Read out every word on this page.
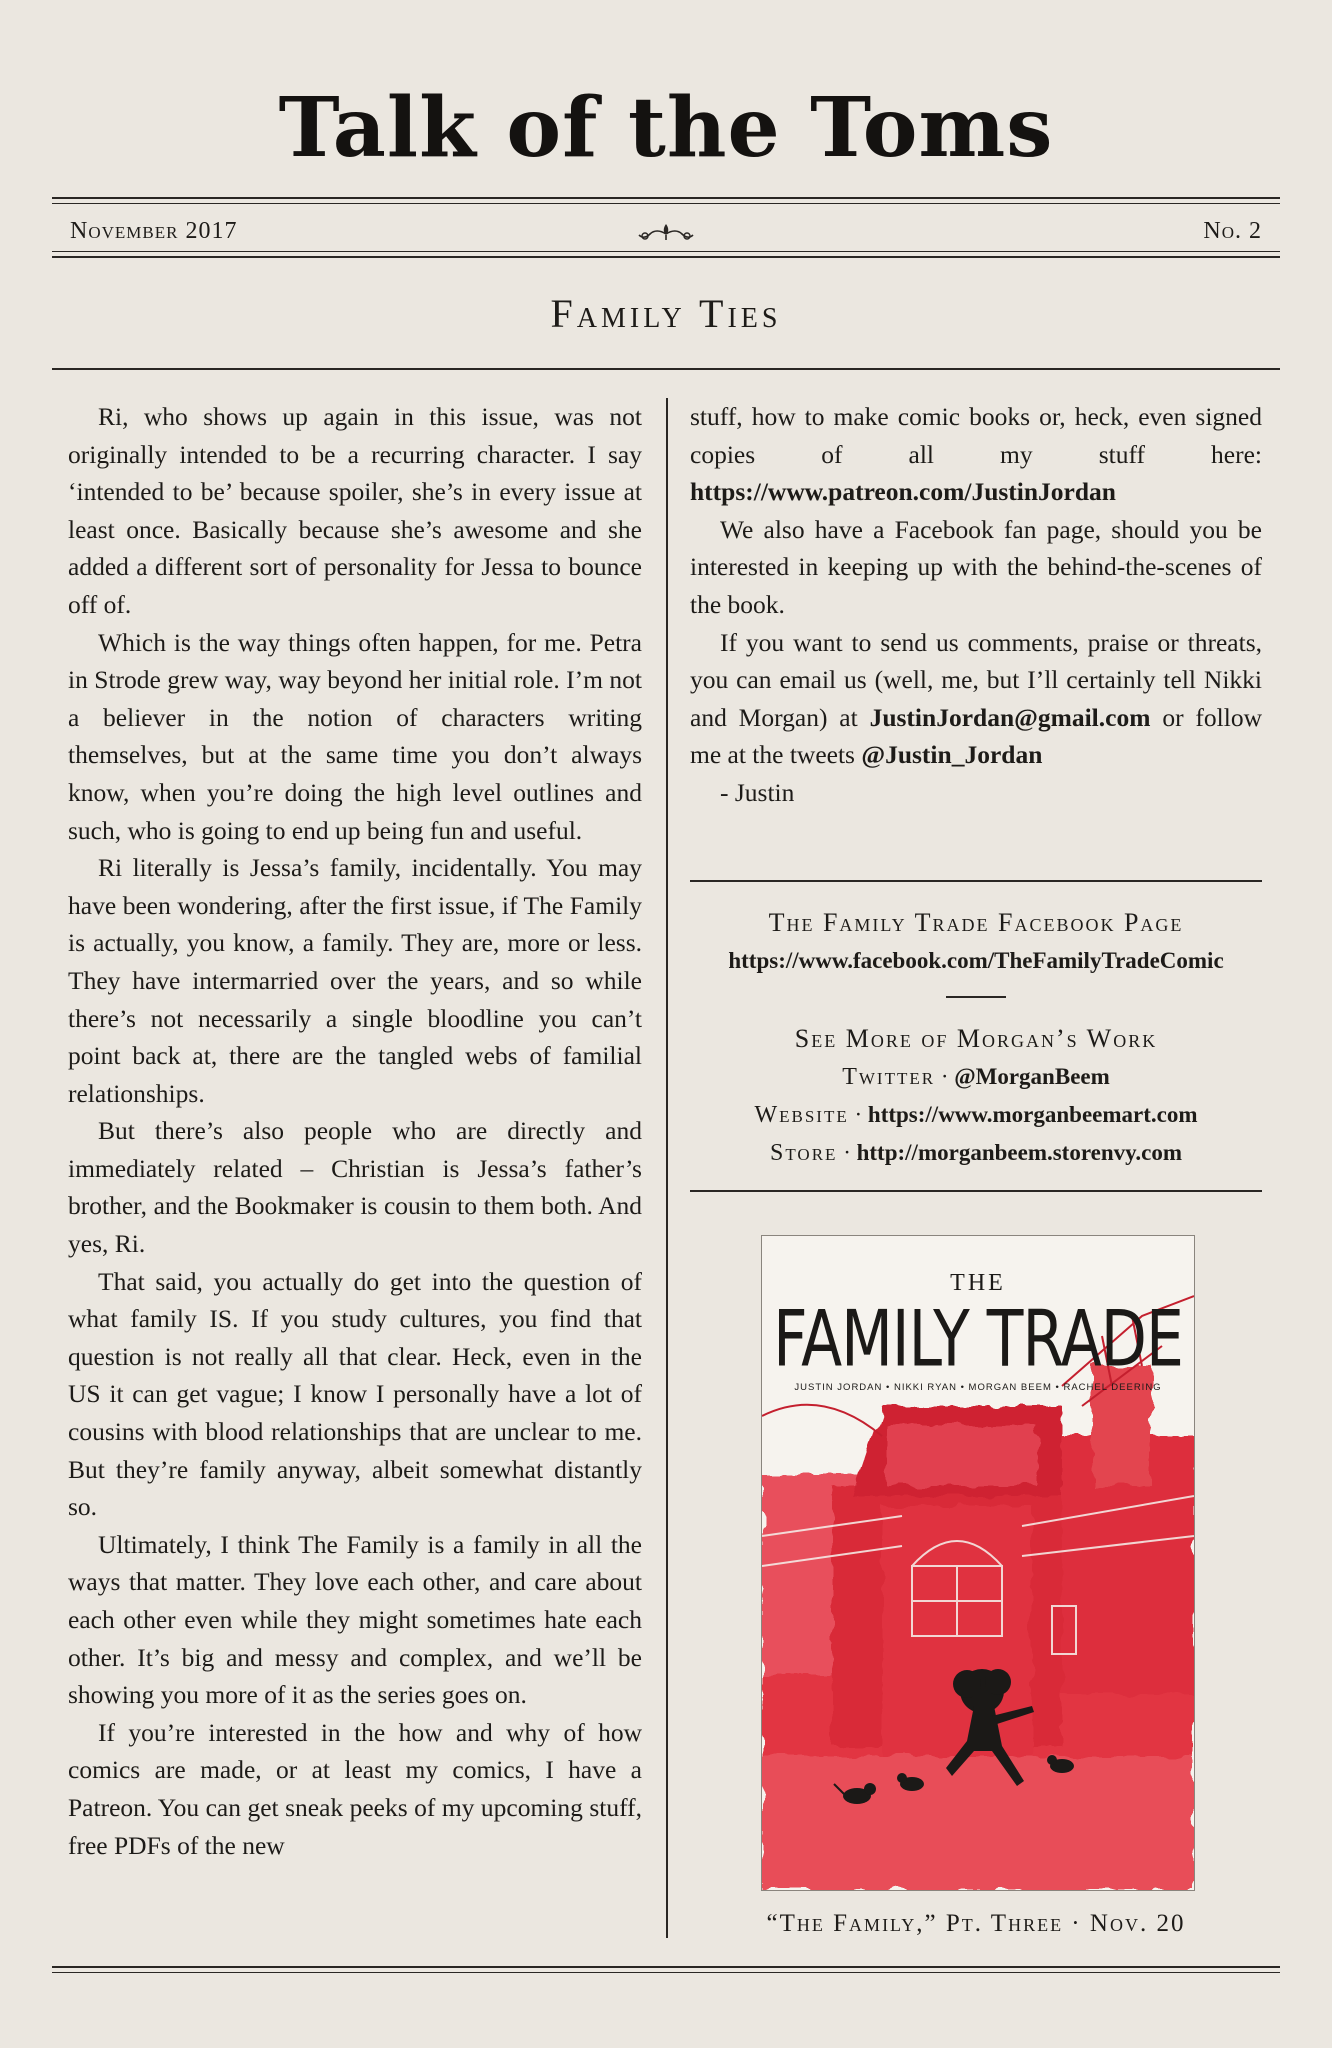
Talk of the Toms
November 2017	No. 2
Family Ties

Ri, who shows up again in this issue, was not originally intended to be a recurring character. I say ‘intended to be’ because spoiler, she’s in every issue at least once. Basically because she’s awesome and she added a different sort of personality for Jessa to bounce off of.

Which is the way things often happen, for me. Petra in Strode grew way, way beyond her initial role. I’m not a believer in the notion of characters writing themselves, but at the same time you don’t always know, when you’re doing the high level outlines and such, who is going to end up being fun and useful.

Ri literally is Jessa’s family, incidentally. You may have been wondering, after the first issue, if The Family is actually, you know, a family. They are, more or less. They have intermarried over the years, and so while there’s not necessarily a single bloodline you can’t point back at, there are the tangled webs of familial relationships.

But there’s also people who are directly and immediately related – Christian is Jessa’s father’s brother, and the Bookmaker is cousin to them both. And yes, Ri.

That said, you actually do get into the question of what family IS. If you study cultures, you find that question is not really all that clear. Heck, even in the US it can get vague; I know I personally have a lot of cousins with blood relationships that are unclear to me. But they’re family anyway, albeit somewhat distantly so.

Ultimately, I think The Family is a family in all the ways that matter. They love each other, and care about each other even while they might sometimes hate each other. It’s big and messy and complex, and we’ll be showing you more of it as the series goes on.

If you’re interested in the how and why of how comics are made, or at least my comics, I have a Patreon. You can get sneak peeks of my upcoming stuff, free PDFs of the new

stuff, how to make comic books or, heck, even signed copies of all my stuff here: https://www.patreon.com/JustinJordan

We also have a Facebook fan page, should you be interested in keeping up with the behind-the-scenes of the book.

If you want to send us comments, praise or threats, you can email us (well, me, but I’ll certainly tell Nikki and Morgan) at JustinJordan@gmail.com or follow me at the tweets @Justin_Jordan

- Justin

The Family Trade Facebook Page
https://www.facebook.com/TheFamilyTradeComic
See More of Morgan’s Work
Twitter · @MorganBeem
Website · https://www.morganbeemart.com
Store · http://morganbeem.storenvy.com
THE
FAMILY TRADE
JUSTIN JORDAN • NIKKI RYAN • MORGAN BEEM • RACHEL DEERING
“The Family,” Pt. Three · Nov. 20
